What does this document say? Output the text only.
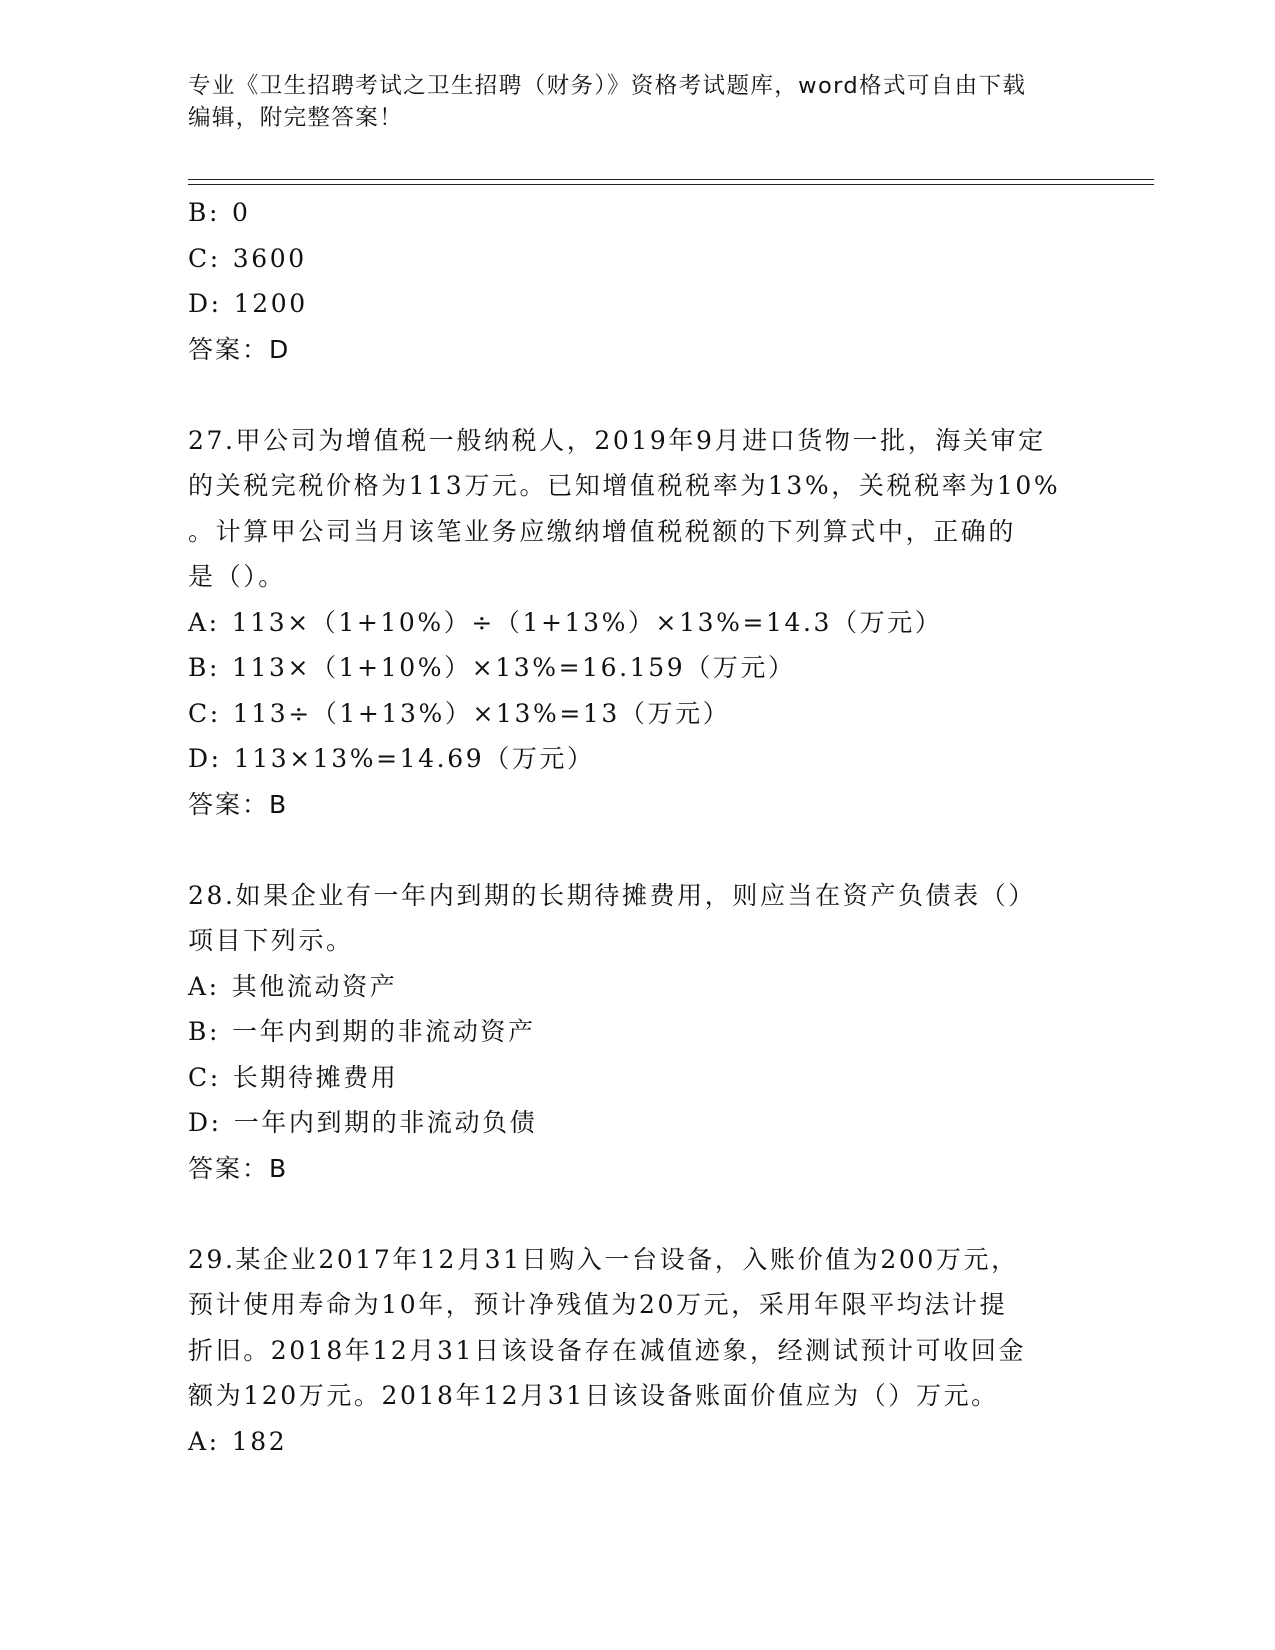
专业《卫生招聘考试之卫生招聘（财务）》资格考试题库，word格式可自由下载
编辑，附完整答案！
B: 0
C: 3600
D: 1200
答案：D
27.甲公司为增值税一般纳税人，2019年9月进口货物一批，海关审定
的关税完税价格为113万元。已知增值税税率为13%，关税税率为10%
。计算甲公司当月该笔业务应缴纳增值税税额的下列算式中，正确的
是（）。
A: 113×（1+10%）÷（1+13%）×13%=14.3（万元）
B: 113×（1+10%）×13%=16.159（万元）
C: 113÷（1+13%）×13%=13（万元）
D: 113×13%=14.69（万元）
答案：B
28.如果企业有一年内到期的长期待摊费用，则应当在资产负债表（）
项目下列示。
A: 其他流动资产
B: 一年内到期的非流动资产
C: 长期待摊费用
D: 一年内到期的非流动负债
答案：B
29.某企业2017年12月31日购入一台设备，入账价值为200万元，
预计使用寿命为10年，预计净残值为20万元，采用年限平均法计提
折旧。2018年12月31日该设备存在减值迹象，经测试预计可收回金
额为120万元。2018年12月31日该设备账面价值应为（）万元。
A: 182
